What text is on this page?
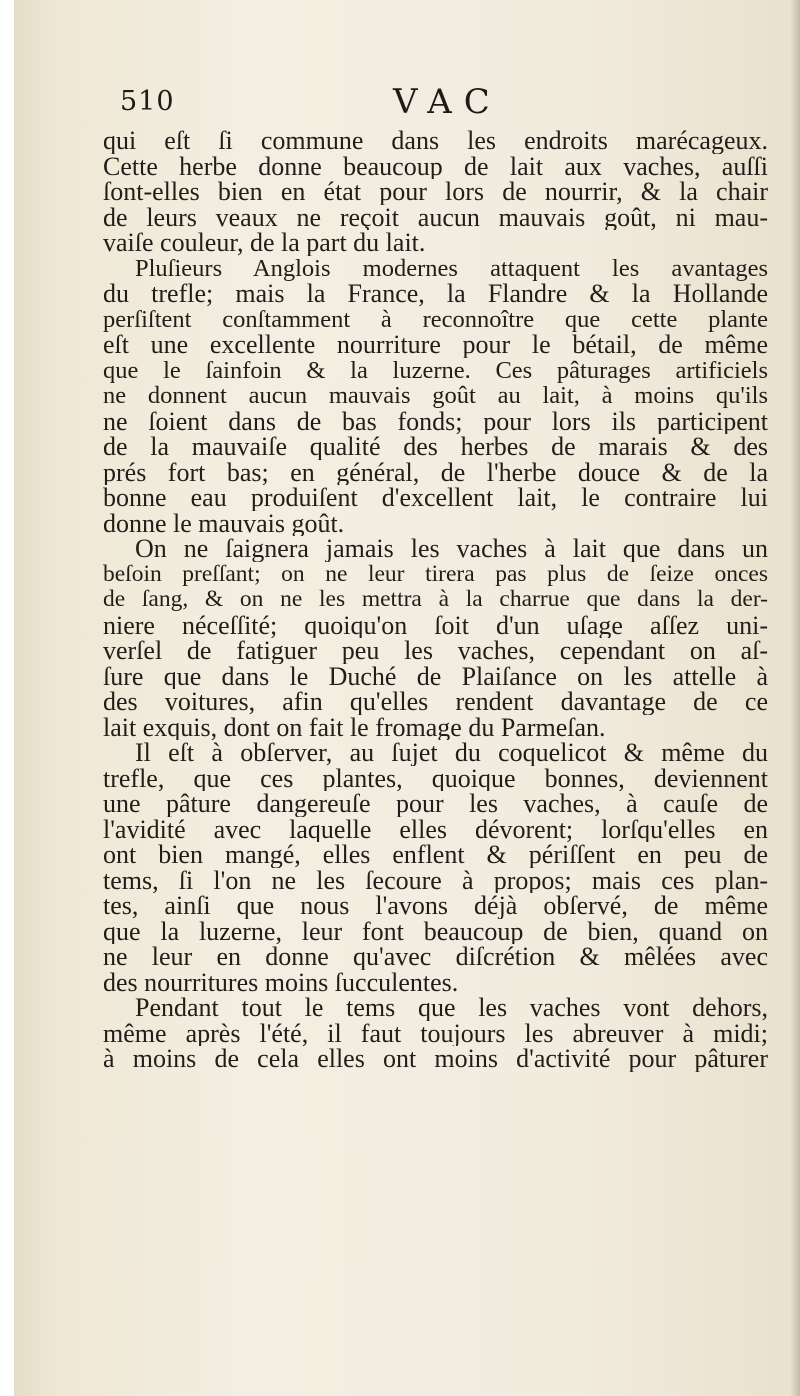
510	VAC
qui eſt ſi commune dans les endroits marécageux.
Cette herbe donne beaucoup de lait aux vaches, auſſi
ſont-elles bien en état pour lors de nourrir, & la chair
de leurs veaux ne reçoit aucun mauvais goût, ni mau-
vaiſe couleur, de la part du lait.
Pluſieurs Anglois modernes attaquent les avantages
du trefle; mais la France, la Flandre & la Hollande
perſiſtent conſtamment à reconnoître que cette plante
eſt une excellente nourriture pour le bétail, de même
que le ſainfoin & la luzerne. Ces pâturages artificiels
ne donnent aucun mauvais goût au lait, à moins qu'ils
ne ſoient dans de bas fonds; pour lors ils participent
de la mauvaiſe qualité des herbes de marais & des
prés fort bas; en général, de l'herbe douce & de la
bonne eau produiſent d'excellent lait, le contraire lui
donne le mauvais goût.
On ne ſaignera jamais les vaches à lait que dans un
beſoin preſſant; on ne leur tirera pas plus de ſeize onces
de ſang, & on ne les mettra à la charrue que dans la der-
niere néceſſité; quoiqu'on ſoit d'un uſage aſſez uni-
verſel de fatiguer peu les vaches, cependant on aſ-
ſure que dans le Duché de Plaiſance on les attelle à
des voitures, afin qu'elles rendent davantage de ce
lait exquis, dont on fait le fromage du Parmeſan.
Il eſt à obſerver, au ſujet du coquelicot & même du
trefle, que ces plantes, quoique bonnes, deviennent
une pâture dangereuſe pour les vaches, à cauſe de
l'avidité avec laquelle elles dévorent; lorſqu'elles en
ont bien mangé, elles enflent & périſſent en peu de
tems, ſi l'on ne les ſecoure à propos; mais ces plan-
tes, ainſi que nous l'avons déjà obſervé, de même
que la luzerne, leur font beaucoup de bien, quand on
ne leur en donne qu'avec diſcrétion & mêlées avec
des nourritures moins ſucculentes.
Pendant tout le tems que les vaches vont dehors,
même après l'été, il faut toujours les abreuver à midi;
à moins de cela elles ont moins d'activité pour pâturer
